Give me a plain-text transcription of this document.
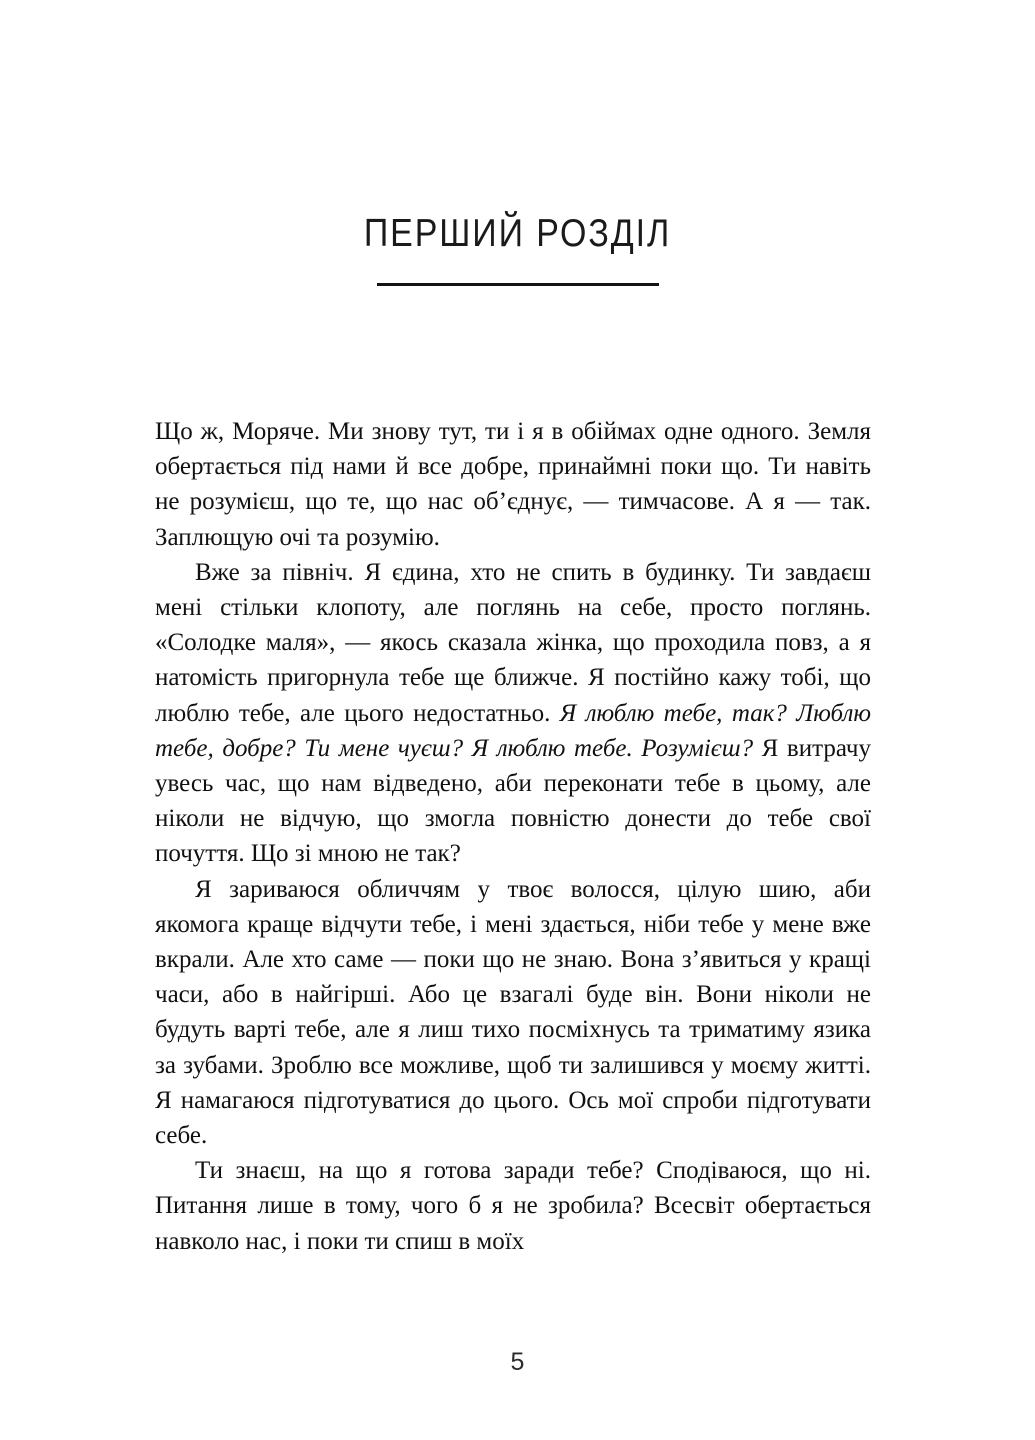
ПЕРШИЙ РОЗДІЛ

Що ж, Моряче. Ми знову тут, ти і я в обіймах одне одного. Земля обертається під нами й все добре, принаймні поки що. Ти навіть не розумієш, що те, що нас об’єднує, — тимчасове. А я — так. Заплющую очі та розумію.

Вже за північ. Я єдина, хто не спить в будинку. Ти завдаєш мені стільки клопоту, але поглянь на себе, просто поглянь. «Солодке маля», — якось сказала жінка, що проходила повз, а я натомість пригорнула тебе ще ближче. Я постійно кажу тобі, що люблю тебе, але цього недостатньо. Я люблю тебе, так? Люблю тебе, добре? Ти мене чуєш? Я люблю тебе. Розумієш? Я витрачу увесь час, що нам відведено, аби переконати тебе в цьому, але ніколи не відчую, що змогла повністю донести до тебе свої почуття. Що зі мною не так?

Я зариваюся обличчям у твоє волосся, цілую шию, аби якомога краще відчути тебе, і мені здається, ніби тебе у мене вже вкрали. Але хто саме — поки що не знаю. Вона з’явиться у кращі часи, або в найгірші. Або це взагалі буде він. Вони ніколи не будуть варті тебе, але я лиш тихо посміхнусь та триматиму язика за зубами. Зроблю все можливе, щоб ти залишився у моєму житті. Я намагаюся підготуватися до цього. Ось мої спроби підготувати себе.

Ти знаєш, на що я готова заради тебе? Сподіваюся, що ні. Питання лише в тому, чого б я не зробила? Всесвіт обертається навколо нас, і поки ти спиш в моїх

5
